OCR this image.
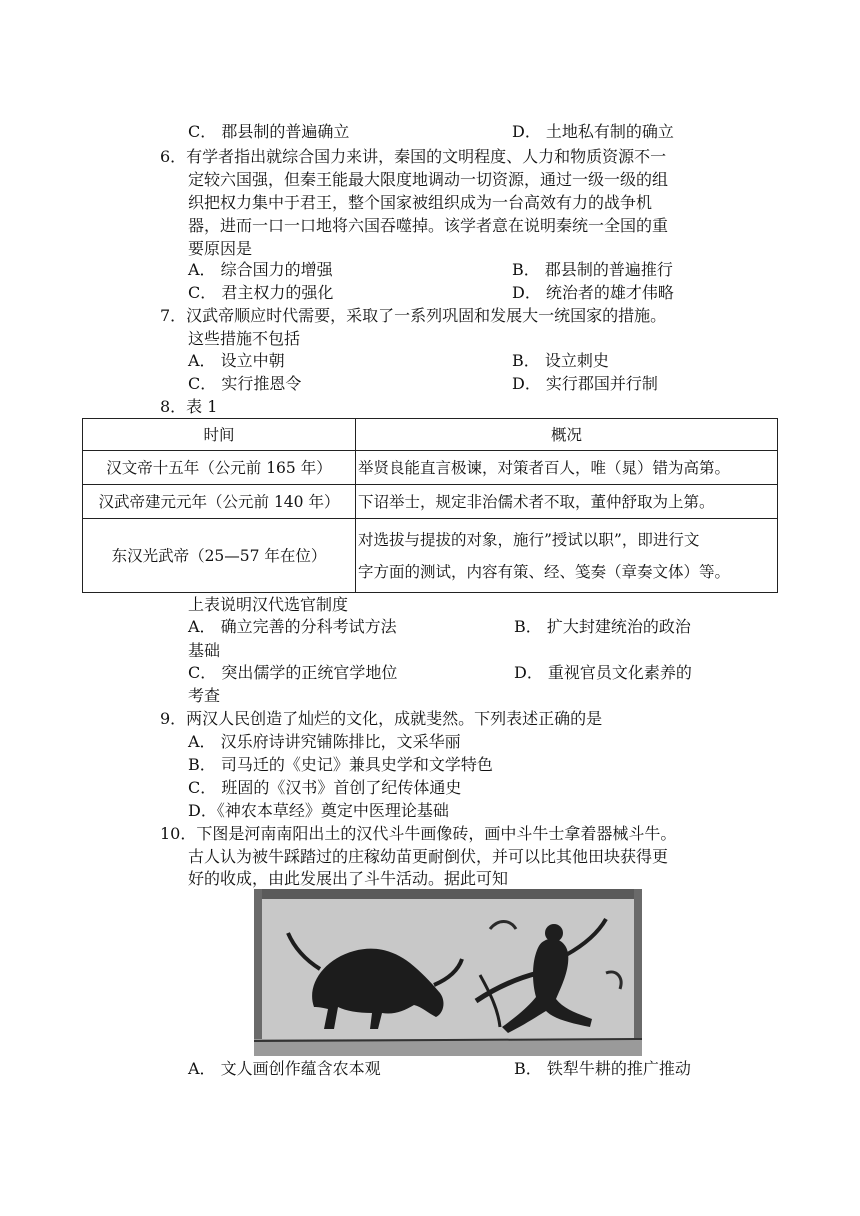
C． 郡县制的普遍确立	D． 土地私有制的确立
6．有学者指出就综合国力来讲，秦国的文明程度、人力和物质资源不一
定较六国强，但秦王能最大限度地调动一切资源，通过一级一级的组
织把权力集中于君王，整个国家被组织成为一台高效有力的战争机
器，进而一口一口地将六国吞噬掉。该学者意在说明秦统一全国的重
要原因是
A． 综合国力的增强	B． 郡县制的普遍推行
C． 君主权力的强化	D． 统治者的雄才伟略
7．汉武帝顺应时代需要，采取了一系列巩固和发展大一统国家的措施。
这些措施不包括
A． 设立中朝	B． 设立刺史
C． 实行推恩令	D． 实行郡国并行制
8．表 1
时间	概况
汉文帝十五年（公元前 165 年）	举贤良能直言极谏，对策者百人，唯（晁）错为高第。
汉武帝建元元年（公元前 140 年）	下诏举士，规定非治儒术者不取，董仲舒取为上第。
东汉光武帝（25—57 年在位）	对选拔与提拔的对象，施行”授试以职”，即进行文
字方面的测试，内容有策、经、笺奏（章奏文体）等。
上表说明汉代选官制度
A． 确立完善的分科考试方法	B． 扩大封建统治的政治
基础
C． 突出儒学的正统官学地位	D． 重视官员文化素养的
考查
9．两汉人民创造了灿烂的文化，成就斐然。下列表述正确的是
A． 汉乐府诗讲究铺陈排比，文采华丽
B． 司马迁的《史记》兼具史学和文学特色
C． 班固的《汉书》首创了纪传体通史
D．《神农本草经》奠定中医理论基础
10．下图是河南南阳出土的汉代斗牛画像砖，画中斗牛士拿着器械斗牛。
古人认为被牛踩踏过的庄稼幼苗更耐倒伏，并可以比其他田块获得更
好的收成，由此发展出了斗牛活动。据此可知
A． 文人画创作蕴含农本观	B． 铁犁牛耕的推广推动
